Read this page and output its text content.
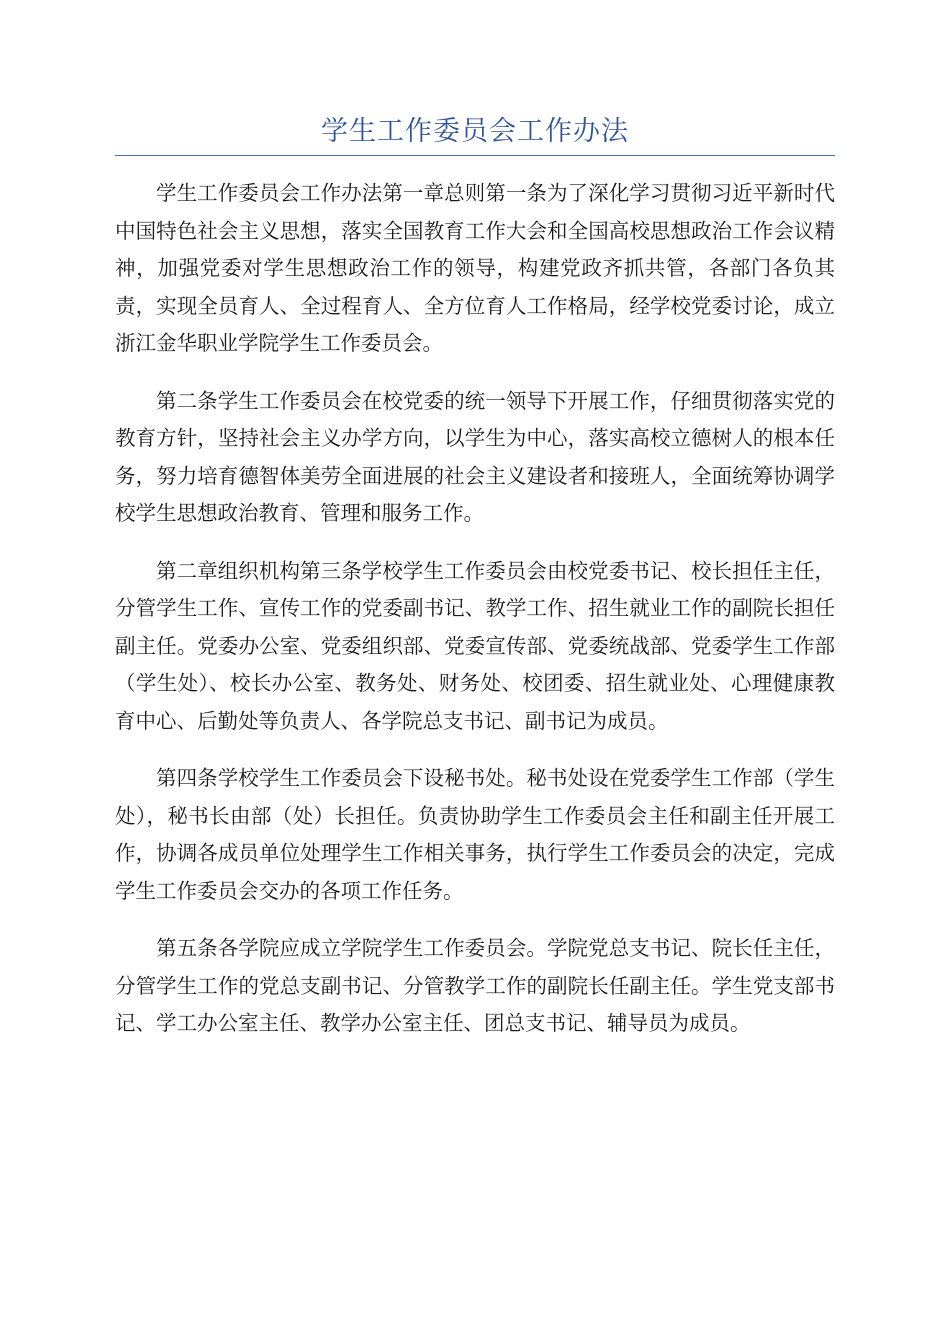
学生工作委员会工作办法

学生工作委员会工作办法第一章总则第一条为了深化学习贯彻习近平新时代中国特色社会主义思想，落实全国教育工作大会和全国高校思想政治工作会议精神，加强党委对学生思想政治工作的领导，构建党政齐抓共管，各部门各负其责，实现全员育人、全过程育人、全方位育人工作格局，经学校党委讨论，成立浙江金华职业学院学生工作委员会。

第二条学生工作委员会在校党委的统一领导下开展工作，仔细贯彻落实党的教育方针，坚持社会主义办学方向，以学生为中心，落实高校立德树人的根本任务，努力培育德智体美劳全面进展的社会主义建设者和接班人，全面统筹协调学校学生思想政治教育、管理和服务工作。

第二章组织机构第三条学校学生工作委员会由校党委书记、校长担任主任，分管学生工作、宣传工作的党委副书记、教学工作、招生就业工作的副院长担任副主任。党委办公室、党委组织部、党委宣传部、党委统战部、党委学生工作部（学生处）、校长办公室、教务处、财务处、校团委、招生就业处、心理健康教育中心、后勤处等负责人、各学院总支书记、副书记为成员。

第四条学校学生工作委员会下设秘书处。秘书处设在党委学生工作部（学生处），秘书长由部（处）长担任。负责协助学生工作委员会主任和副主任开展工作，协调各成员单位处理学生工作相关事务，执行学生工作委员会的决定，完成学生工作委员会交办的各项工作任务。

第五条各学院应成立学院学生工作委员会。学院党总支书记、院长任主任，分管学生工作的党总支副书记、分管教学工作的副院长任副主任。学生党支部书记、学工办公室主任、教学办公室主任、团总支书记、辅导员为成员。
